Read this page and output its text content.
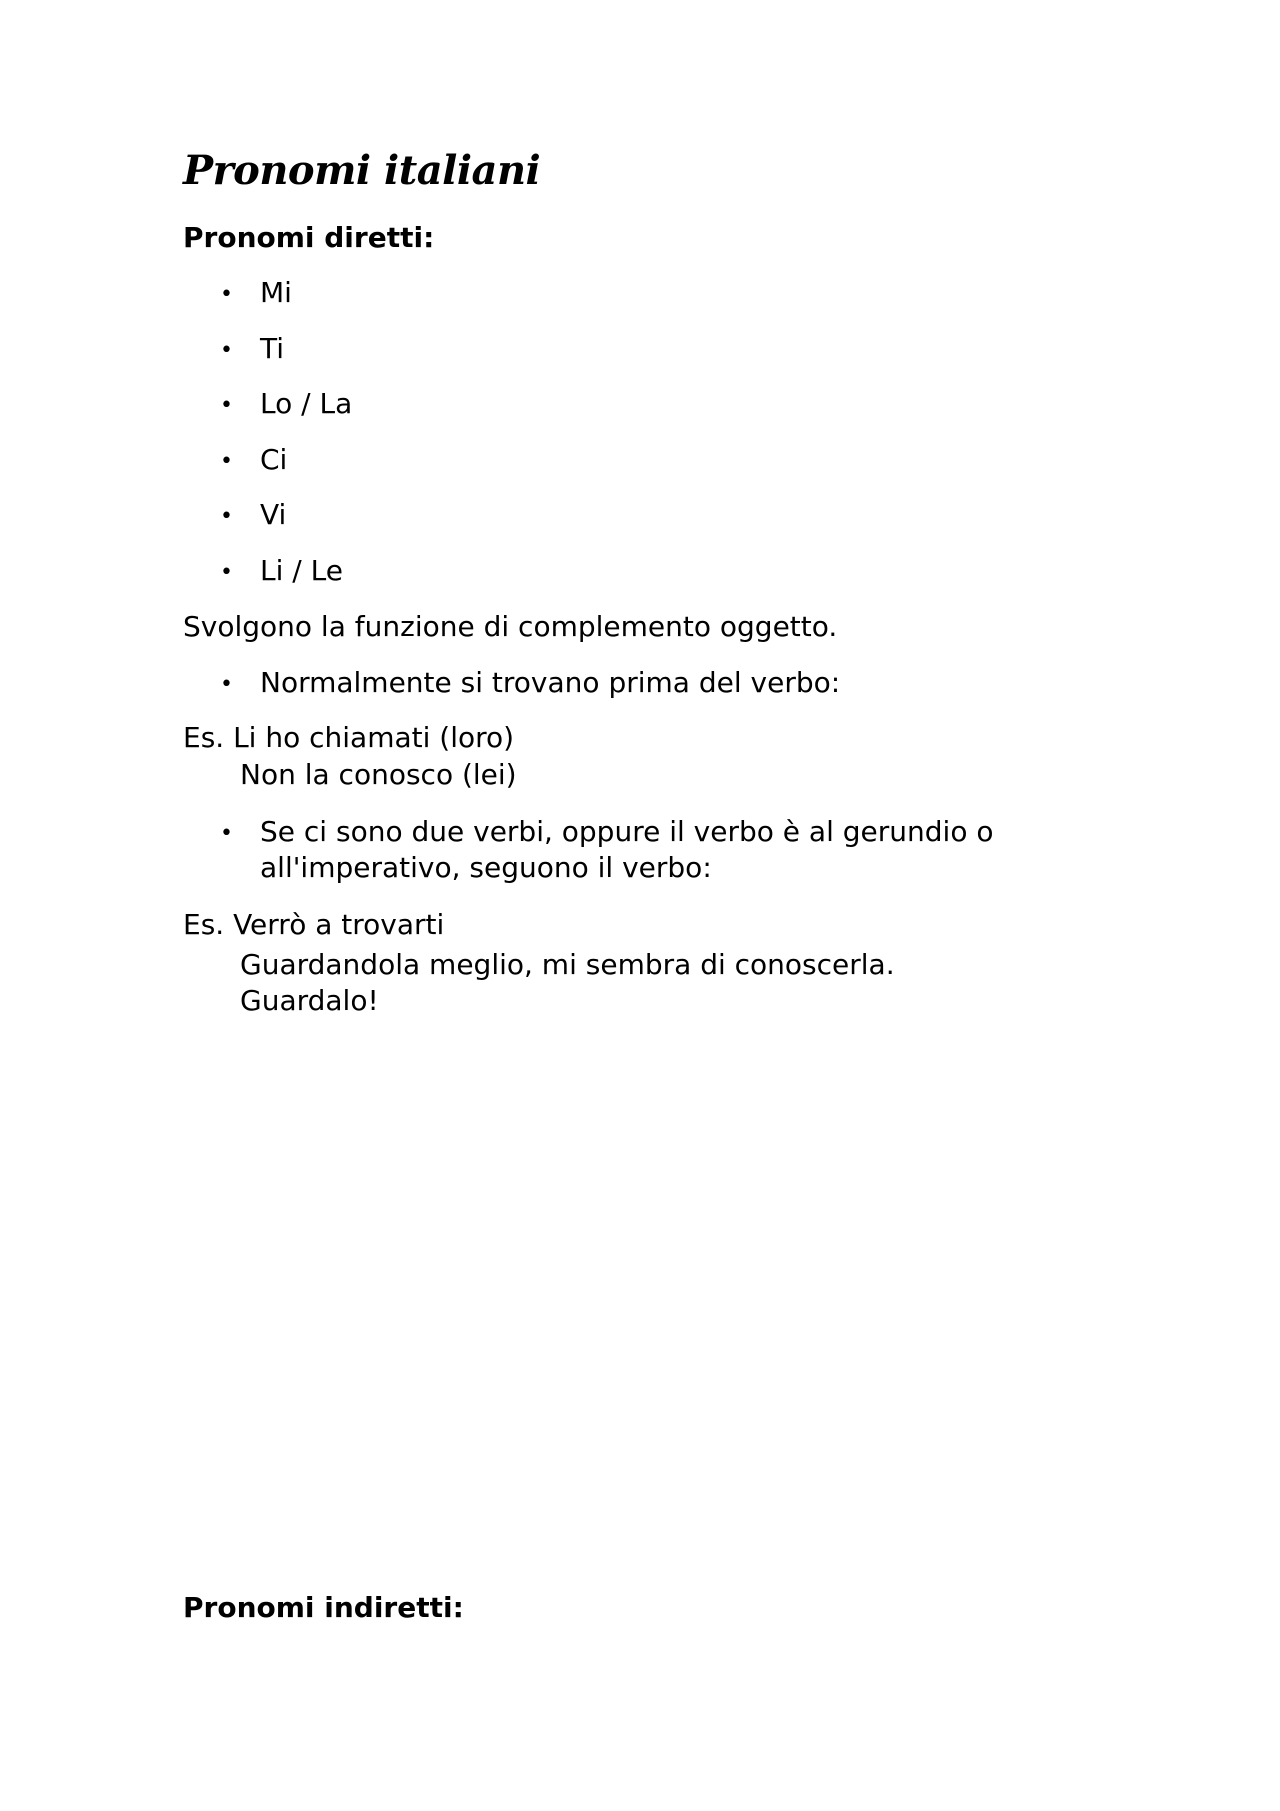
Pronomi italiani
Pronomi diretti:
• Mi
• Ti
• Lo / La
• Ci
• Vi
• Li / Le

Svolgono la funzione di complemento oggetto.

• Normalmente si trovano prima del verbo:

Es. Li ho chiamati (loro)

Non la conosco (lei)

• Se ci sono due verbi, oppure il verbo è al gerundio o

all'imperativo, seguono il verbo:

Es. Verrò a trovarti

Guardandola meglio, mi sembra di conoscerla.

Guardalo!

Pronomi indiretti:
